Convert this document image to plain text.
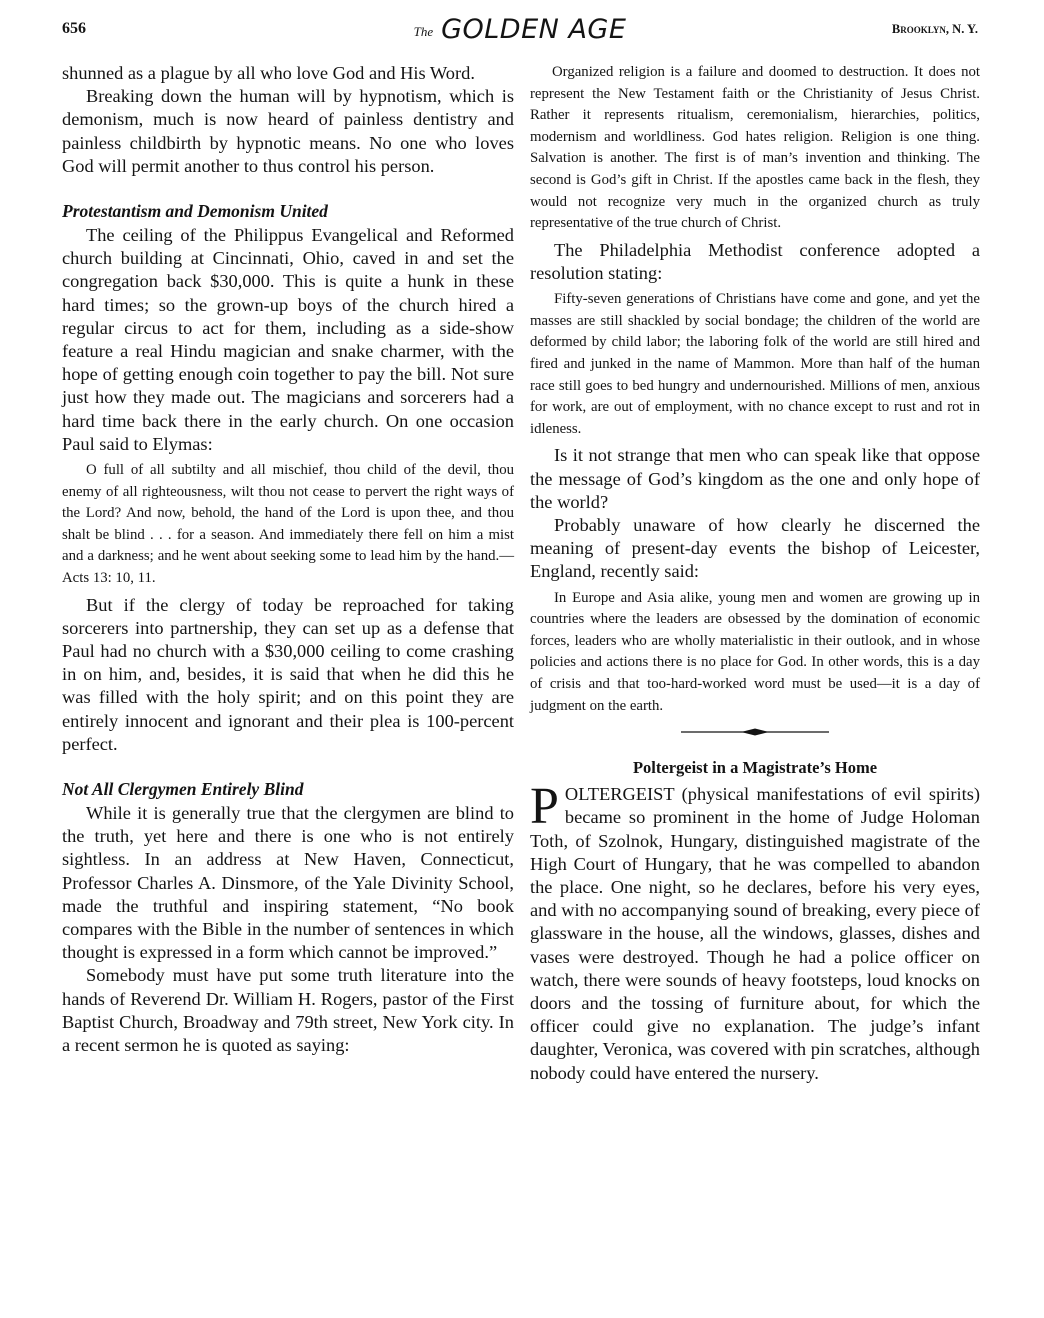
656	The GOLDEN AGE	Brooklyn, N. Y.

shunned as a plague by all who love God and His Word.

Breaking down the human will by hypnotism, which is demonism, much is now heard of painless dentistry and painless childbirth by hypnotic means. No one who loves God will permit another to thus control his person.

Protestantism and Demonism United

The ceiling of the Philippus Evangelical and Reformed church building at Cincinnati, Ohio, caved in and set the congregation back $30,000. This is quite a hunk in these hard times; so the grown-up boys of the church hired a regular circus to act for them, including as a side-show feature a real Hindu magician and snake charmer, with the hope of getting enough coin together to pay the bill. Not sure just how they made out. The magicians and sorcerers had a hard time back there in the early church. On one occasion Paul said to Elymas:

O full of all subtilty and all mischief, thou child of the devil, thou enemy of all righteousness, wilt thou not cease to pervert the right ways of the Lord? And now, behold, the hand of the Lord is upon thee, and thou shalt be blind . . . for a season. And immediately there fell on him a mist and a darkness; and he went about seeking some to lead him by the hand.—Acts 13: 10, 11.

But if the clergy of today be reproached for taking sorcerers into partnership, they can set up as a defense that Paul had no church with a $30,000 ceiling to come crashing in on him, and, besides, it is said that when he did this he was filled with the holy spirit; and on this point they are entirely innocent and ignorant and their plea is 100-percent perfect.

Not All Clergymen Entirely Blind

While it is generally true that the clergymen are blind to the truth, yet here and there is one who is not entirely sightless. In an address at New Haven, Connecticut, Professor Charles A. Dinsmore, of the Yale Divinity School, made the truthful and inspiring statement, “No book compares with the Bible in the number of sentences in which thought is expressed in a form which cannot be improved.”

Somebody must have put some truth literature into the hands of Reverend Dr. William H. Rogers, pastor of the First Baptist Church, Broadway and 79th street, New York city. In a recent sermon he is quoted as saying:

Organized religion is a failure and doomed to destruction. It does not represent the New Testament faith or the Christianity of Jesus Christ. Rather it represents ritualism, ceremonialism, hierarchies, politics, modernism and worldliness. God hates religion. Religion is one thing. Salvation is another. The first is of man’s invention and thinking. The second is God’s gift in Christ. If the apostles came back in the flesh, they would not recognize very much in the organized church as truly representative of the true church of Christ.

The Philadelphia Methodist conference adopted a resolution stating:

Fifty-seven generations of Christians have come and gone, and yet the masses are still shackled by social bondage; the children of the world are deformed by child labor; the laboring folk of the world are still hired and fired and junked in the name of Mammon. More than half of the human race still goes to bed hungry and undernourished. Millions of men, anxious for work, are out of employment, with no chance except to rust and rot in idleness.

Is it not strange that men who can speak like that oppose the message of God’s kingdom as the one and only hope of the world?

Probably unaware of how clearly he discerned the meaning of present-day events the bishop of Leicester, England, recently said:

In Europe and Asia alike, young men and women are growing up in countries where the leaders are obsessed by the domination of economic forces, leaders who are wholly materialistic in their outlook, and in whose policies and actions there is no place for God. In other words, this is a day of crisis and that too-hard-worked word must be used—it is a day of judgment on the earth.

Poltergeist in a Magistrate’s Home

POLTERGEIST (physical manifestations of evil spirits) became so prominent in the home of Judge Holoman Toth, of Szolnok, Hungary, distinguished magistrate of the High Court of Hungary, that he was compelled to abandon the place. One night, so he declares, before his very eyes, and with no accompanying sound of breaking, every piece of glassware in the house, all the windows, glasses, dishes and vases were destroyed. Though he had a police officer on watch, there were sounds of heavy footsteps, loud knocks on doors and the tossing of furniture about, for which the officer could give no explanation. The judge’s infant daughter, Veronica, was covered with pin scratches, although nobody could have entered the nursery.
